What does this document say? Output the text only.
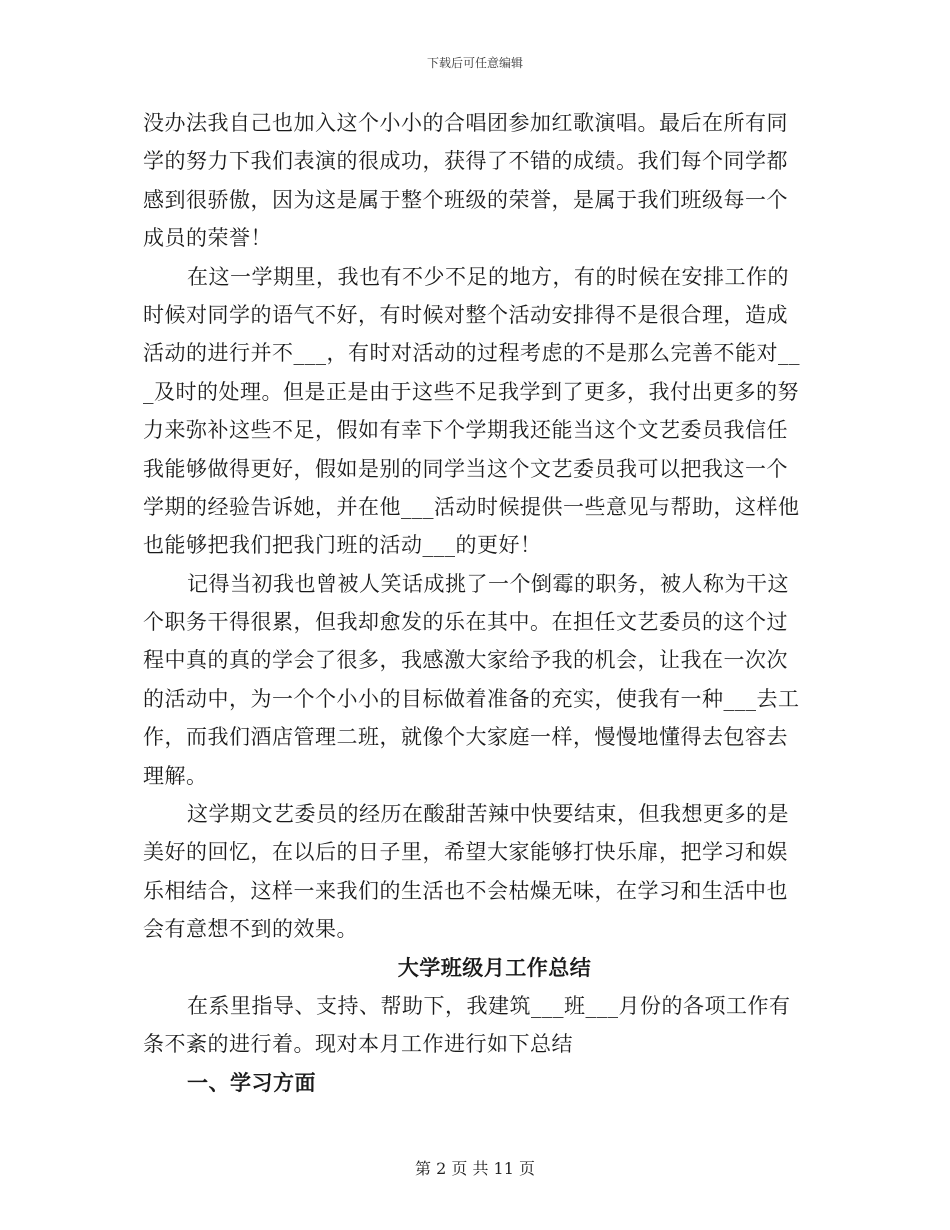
下载后可任意编辑
没办法我自己也加入这个小小的合唱团参加红歌演唱。最后在所有同
学的努力下我们表演的很成功，获得了不错的成绩。我们每个同学都
感到很骄傲，因为这是属于整个班级的荣誉，是属于我们班级每一个
成员的荣誉！
在这一学期里，我也有不少不足的地方，有的时候在安排工作的
时候对同学的语气不好，有时候对整个活动安排得不是很合理，造成
活动的进行并不___，有时对活动的过程考虑的不是那么完善不能对__
_及时的处理。但是正是由于这些不足我学到了更多，我付出更多的努
力来弥补这些不足，假如有幸下个学期我还能当这个文艺委员我信任
我能够做得更好，假如是别的同学当这个文艺委员我可以把我这一个
学期的经验告诉她，并在他___活动时候提供一些意见与帮助，这样他
也能够把我们把我门班的活动___的更好！
记得当初我也曾被人笑话成挑了一个倒霉的职务，被人称为干这
个职务干得很累，但我却愈发的乐在其中。在担任文艺委员的这个过
程中真的真的学会了很多，我感激大家给予我的机会，让我在一次次
的活动中，为一个个小小的目标做着准备的充实，使我有一种___去工
作，而我们酒店管理二班，就像个大家庭一样，慢慢地懂得去包容去
理解。
这学期文艺委员的经历在酸甜苦辣中快要结束，但我想更多的是
美好的回忆，在以后的日子里，希望大家能够打快乐扉，把学习和娱
乐相结合，这样一来我们的生活也不会枯燥无味，在学习和生活中也
会有意想不到的效果。
大学班级月工作总结
在系里指导、支持、帮助下，我建筑___班___月份的各项工作有
条不紊的进行着。现对本月工作进行如下总结
一、学习方面
第 2 页 共 11 页
